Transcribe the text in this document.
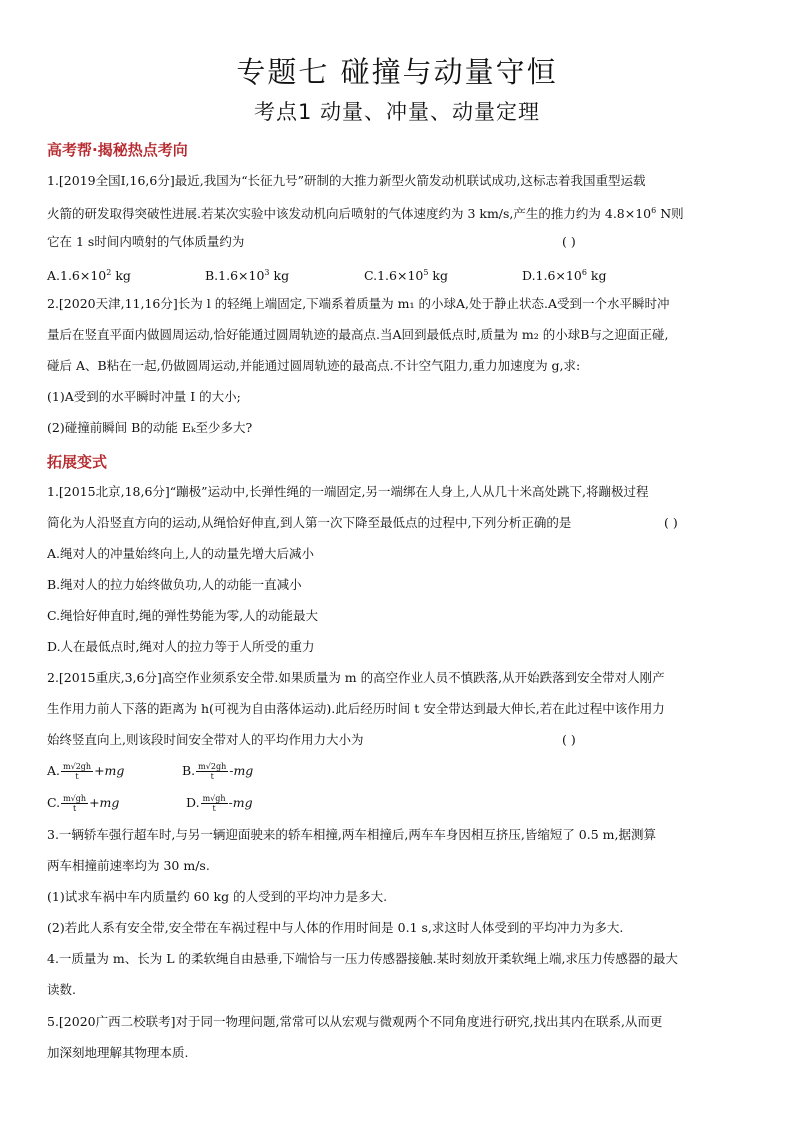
专题七 碰撞与动量守恒
考点1 动量、冲量、动量定理
高考帮·揭秘热点考向
1.[2019全国Ⅰ,16,6分]最近,我国为“长征九号”研制的大推力新型火箭发动机联试成功,这标志着我国重型运载
火箭的研发取得突破性进展.若某次实验中该发动机向后喷射的气体速度约为 3 km/s,产生的推力约为 $4.8\times 10^6$ N则
它在 1 s时间内喷射的气体质量约为	( )
$A.1.6\times 10^2$ kg	$B.1.6\times 10^3$ kg	$C.1.6\times 10^5$ kg	$D.1.6\times 10^6$ kg
2.[2020天津,11,16分]长为 l 的轻绳上端固定,下端系着质量为 m₁ 的小球A,处于静止状态.A受到一个水平瞬时冲
量后在竖直平面内做圆周运动,恰好能通过圆周轨迹的最高点.当A回到最低点时,质量为 m₂ 的小球B与之迎面正碰,
碰后 A、B粘在一起,仍做圆周运动,并能通过圆周轨迹的最高点.不计空气阻力,重力加速度为 g,求:
(1)A受到的水平瞬时冲量 I 的大小;
(2)碰撞前瞬间 B的动能 Eₖ至少多大?
拓展变式
1.[2015北京,18,6分]“蹦极”运动中,长弹性绳的一端固定,另一端绑在人身上,人从几十米高处跳下,将蹦极过程
简化为人沿竖直方向的运动,从绳恰好伸直,到人第一次下降至最低点的过程中,下列分析正确的是	( )
A.绳对人的冲量始终向上,人的动量先增大后减小
B.绳对人的拉力始终做负功,人的动能一直减小
C.绳恰好伸直时,绳的弹性势能为零,人的动能最大
D.人在最低点时,绳对人的拉力等于人所受的重力
2.[2015重庆,3,6分]高空作业须系安全带.如果质量为 m 的高空作业人员不慎跌落,从开始跌落到安全带对人刚产
生作用力前人下落的距离为 h(可视为自由落体运动).此后经历时间 t 安全带达到最大伸长,若在此过程中该作用力
始终竖直向上,则该段时间安全带对人的平均作用力大小为	( )
A. $\frac{m√2gh}{t} +mg$	B. $\frac{m√2gh}{t} -mg$
C. $\frac{m√gh}{t} +mg$	D. $\frac{m√gh}{t} -mg$
3.一辆轿车强行超车时,与另一辆迎面驶来的轿车相撞,两车相撞后,两车车身因相互挤压,皆缩短了 0.5 m,据测算
两车相撞前速率均为 30 m/s.
(1)试求车祸中车内质量约 60 kg 的人受到的平均冲力是多大.
(2)若此人系有安全带,安全带在车祸过程中与人体的作用时间是 0.1 s,求这时人体受到的平均冲力为多大.
4.一质量为 m、长为 L 的柔软绳自由悬垂,下端恰与一压力传感器接触.某时刻放开柔软绳上端,求压力传感器的最大
读数.
5.[2020广西二校联考]对于同一物理问题,常常可以从宏观与微观两个不同角度进行研究,找出其内在联系,从而更
加深刻地理解其物理本质.
